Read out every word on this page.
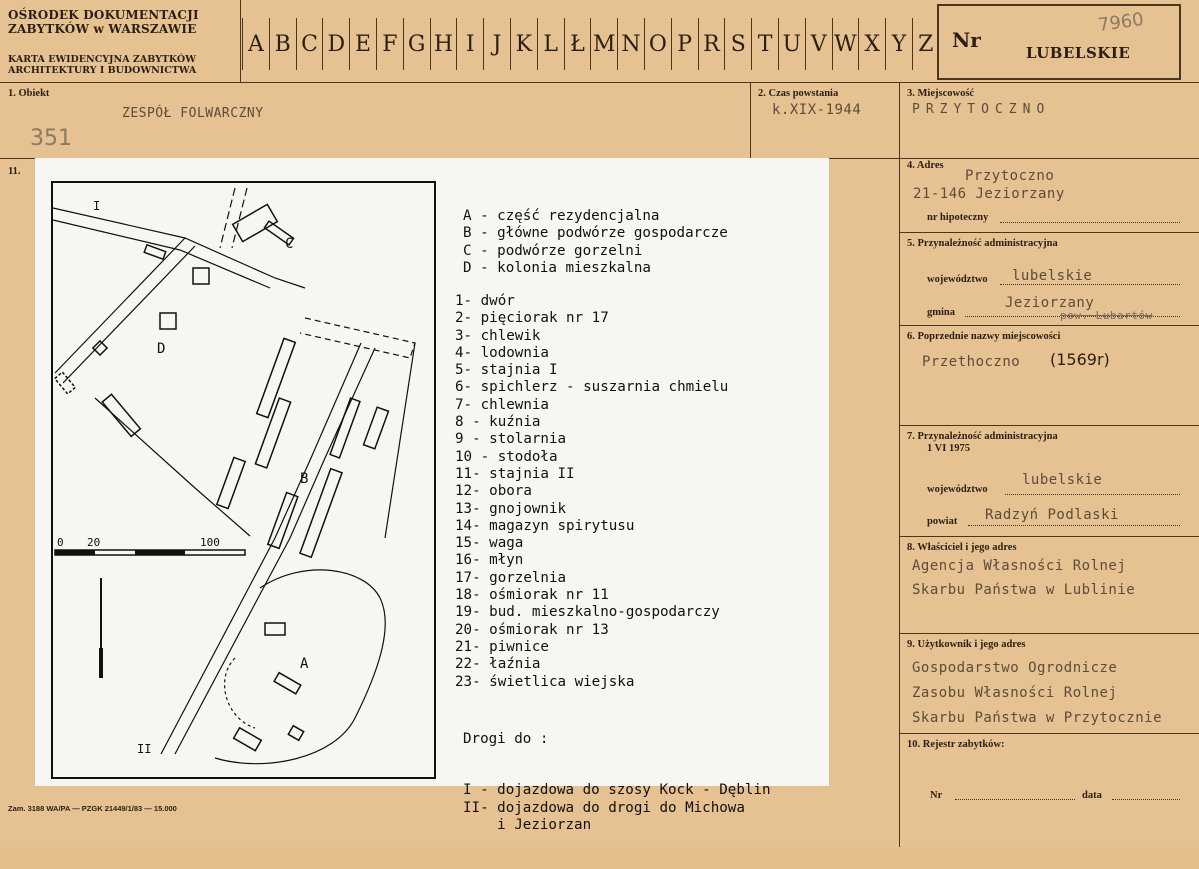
OŚRODEK DOKUMENTACJI
ZABYTKÓW w WARSZAWIE
KARTA EWIDENCYJNA ZABYTKÓW
ARCHITEKTURY I BUDOWNICTWA
A B C D E F G H I J K L Ł M N O P R S T U V W X Y Z Nr
LUBELSKIE
7960
1. Obiekt
ZESPÓŁ FOLWARCZNY
351
2. Czas powstania
k.XIX-1944
3. Miejscowość
PRZYTOCZNO
11.
4. Adres
Przytoczno
21-146 Jeziorzany
nr hipoteczny
5. Przynależność administracyjna
województwo lubelskie
gmina
Jeziorzany
pow. Lubartów
6. Poprzednie nazwy miejscowości
Przethoczno (1569r)
7. Przynależność administracyjna
1 VI 1975
województwo
lubelskie
powiat Radzyń Podlaski
8. Właściciel i jego adres
Agencja Własności Rolnej
Skarbu Państwa w Lublinie
9. Użytkownik i jego adres
Gospodarstwo Ogrodnicze
Zasobu Własności Rolnej
Skarbu Państwa w Przytocznie
10. Rejestr zabytków:
Nr	data
Zam. 3188 WA/PA — PZGK 21449/1/83 — 15.000
0 20	100
A
B
C
D
I
II
A - część rezydencjalna
B - główne podwórze gospodarcze
C - podwórze gorzelni
D - kolonia mieszkalna
1- dwór
2- pięciorak nr 17
3- chlewik
4- lodownia
5- stajnia I
6- spichlerz - suszarnia chmielu
7- chlewnia
8 - kuźnia
9 - stolarnia
10 - stodoła
11- stajnia II
12- obora
13- gnojownik
14- magazyn spirytusu
15- waga
16- młyn
17- gorzelnia
18- ośmiorak nr 11
19- bud. mieszkalno-gospodarczy
20- ośmiorak nr 13
21- piwnice
22- łaźnia
23- świetlica wiejska

Drogi do :

I - dojazdowa do szosy Kock - Dęblin
II- dojazdowa do drogi do Michowa
i Jeziorzan
